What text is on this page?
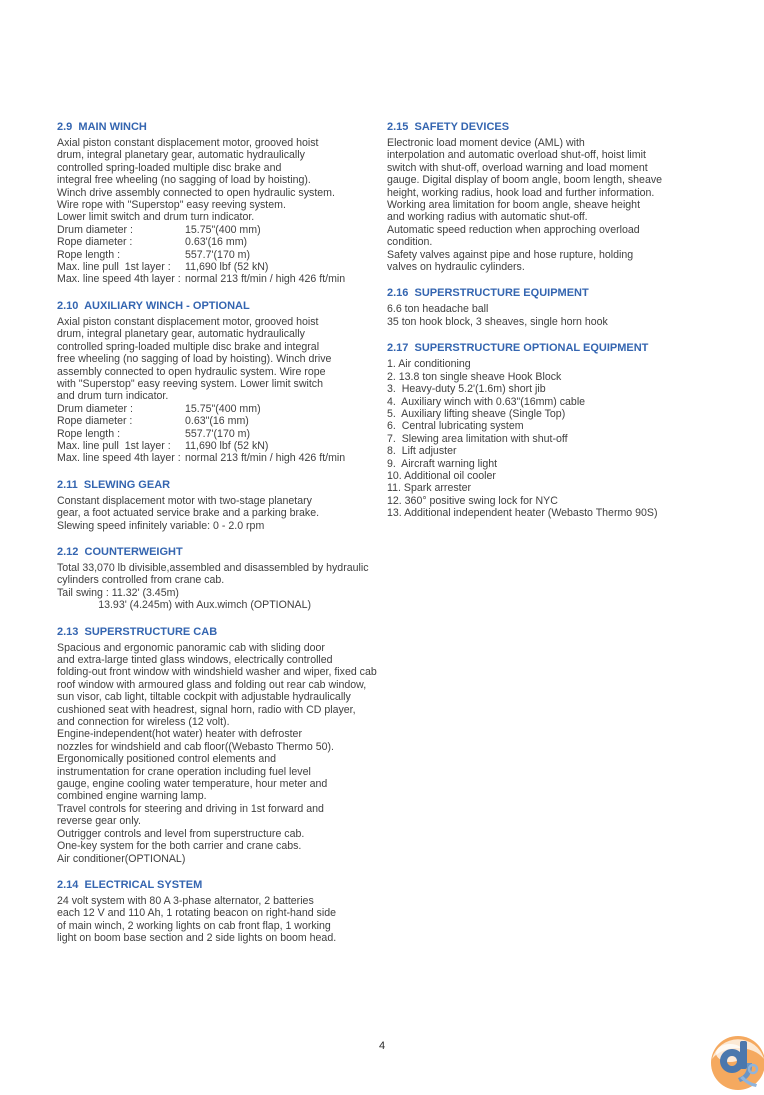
2.9  MAIN WINCH
Axial piston constant displacement motor, grooved hoist
drum, integral planetary gear, automatic hydraulically
controlled spring-loaded multiple disc brake and
integral free wheeling (no sagging of load by hoisting).
Winch drive assembly connected to open hydraulic system.
Wire rope with "Superstop" easy reeving system.
Lower limit switch and drum turn indicator.
Drum diameter :	15.75"(400 mm)
Rope diameter :	0.63'(16 mm)
Rope length :	557.7'(170 m)
Max. line pull  1st layer : 11,690 lbf (52 kN)
Max. line speed 4th layer : normal 213 ft/min / high 426 ft/min
2.10  AUXILIARY WINCH - OPTIONAL
Axial piston constant displacement motor, grooved hoist
drum, integral planetary gear, automatic hydraulically
controlled spring-loaded multiple disc brake and integral
free wheeling (no sagging of load by hoisting). Winch drive
assembly connected to open hydraulic system. Wire rope
with "Superstop" easy reeving system. Lower limit switch
and drum turn indicator.
Drum diameter :	15.75"(400 mm)
Rope diameter :	0.63"(16 mm)
Rope length :	557.7'(170 m)
Max. line pull  1st layer : 11,690 lbf (52 kN)
Max. line speed 4th layer : normal 213 ft/min / high 426 ft/min
2.11  SLEWING GEAR
Constant displacement motor with two-stage planetary
gear, a foot actuated service brake and a parking brake.
Slewing speed infinitely variable: 0 - 2.0 rpm
2.12  COUNTERWEIGHT
Total 33,070 lb divisible,assembled and disassembled by hydraulic
cylinders controlled from crane cab.
Tail swing : 11.32' (3.45m)
13.93' (4.245m) with Aux.wimch (OPTIONAL)
2.13  SUPERSTRUCTURE CAB
Spacious and ergonomic panoramic cab with sliding door
and extra-large tinted glass windows, electrically controlled
folding-out front window with windshield washer and wiper, fixed cab
roof window with armoured glass and folding out rear cab window,
sun visor, cab light, tiltable cockpit with adjustable hydraulically
cushioned seat with headrest, signal horn, radio with CD player,
and connection for wireless (12 volt).
Engine-independent(hot water) heater with defroster
nozzles for windshield and cab floor((Webasto Thermo 50).
Ergonomically positioned control elements and
instrumentation for crane operation including fuel level
gauge, engine cooling water temperature, hour meter and
combined engine warning lamp.
Travel controls for steering and driving in 1st forward and
reverse gear only.
Outrigger controls and level from superstructure cab.
One-key system for the both carrier and crane cabs.
Air conditioner(OPTIONAL)
2.14  ELECTRICAL SYSTEM
24 volt system with 80 A 3-phase alternator, 2 batteries
each 12 V and 110 Ah, 1 rotating beacon on right-hand side
of main winch, 2 working lights on cab front flap, 1 working
light on boom base section and 2 side lights on boom head.
2.15  SAFETY DEVICES
Electronic load moment device (AML) with
interpolation and automatic overload shut-off, hoist limit
switch with shut-off, overload warning and load moment
gauge. Digital display of boom angle, boom length, sheave
height, working radius, hook load and further information.
Working area limitation for boom angle, sheave height
and working radius with automatic shut-off.
Automatic speed reduction when approching overload
condition.
Safety valves against pipe and hose rupture, holding
valves on hydraulic cylinders.
2.16  SUPERSTRUCTURE EQUIPMENT
6.6 ton headache ball
35 ton hook block, 3 sheaves, single horn hook
2.17  SUPERSTRUCTURE OPTIONAL EQUIPMENT
1. Air conditioning
2. 13.8 ton single sheave Hook Block
3.  Heavy-duty 5.2'(1.6m) short jib
4.  Auxiliary winch with 0.63"(16mm) cable
5.  Auxiliary lifting sheave (Single Top)
6.  Central lubricating system
7.  Slewing area limitation with shut-off
8.  Lift adjuster
9.  Aircraft warning light
10. Additional oil cooler
11. Spark arrester
12. 360° positive swing lock for NYC
13. Additional independent heater (Webasto Thermo 90S)
4
